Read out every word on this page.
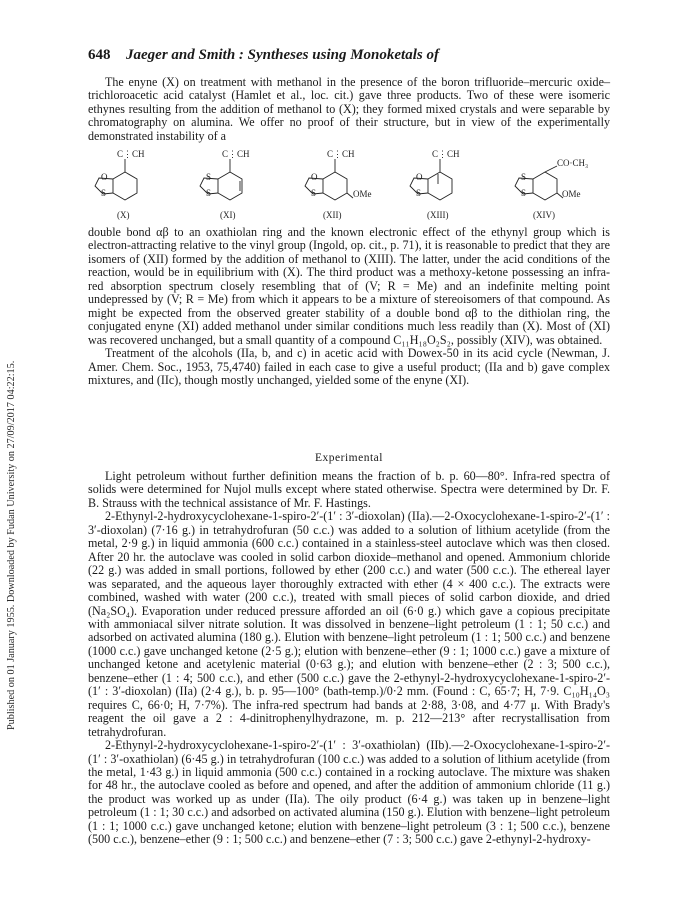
Published on 01 January 1955. Downloaded by Fudan University on 27/09/2017 04:22:15.
648 Jaeger and Smith : Syntheses using Monoketals of

The enyne (X) on treatment with methanol in the presence of the boron trifluoride–mercuric oxide–trichloroacetic acid catalyst (Hamlet et al., loc. cit.) gave three products. Two of these were isomeric ethynes resulting from the addition of methanol to (X); they formed mixed crystals and were separable by chromatography on alumina. We offer no proof of their structure, but in view of the experimentally demonstrated instability of a

C⋮CH	C⋮CH	C⋮CH	C⋮CH
CO·CH₃
O
S
S
S
O
S
O
S
S
S
OMe	OMe
(X)	(XI)	(XII)	(XIII)	(XIV)

double bond αβ to an oxathiolan ring and the known electronic effect of the ethynyl group which is electron-attracting relative to the vinyl group (Ingold, op. cit., p. 71), it is reasonable to predict that they are isomers of (XII) formed by the addition of methanol to (XIII). The latter, under the acid conditions of the reaction, would be in equilibrium with (X). The third product was a methoxy-ketone possessing an infra-red absorption spectrum closely resembling that of (V; R = Me) and an indefinite melting point undepressed by (V; R = Me) from which it appears to be a mixture of stereoisomers of that compound. As might be expected from the observed greater stability of a double bond αβ to the dithiolan ring, the conjugated enyne (XI) added methanol under similar conditions much less readily than (X). Most of (XI) was recovered unchanged, but a small quantity of a compound C₁₁H₁₈O₂S₂, possibly (XIV), was obtained.

Treatment of the alcohols (IIa, b, and c) in acetic acid with Dowex-50 in its acid cycle (Newman, J. Amer. Chem. Soc., 1953, 75,4740) failed in each case to give a useful product; (IIa and b) gave complex mixtures, and (IIc), though mostly unchanged, yielded some of the enyne (XI).

Experimental

Light petroleum without further definition means the fraction of b. p. 60—80°. Infra-red spectra of solids were determined for Nujol mulls except where stated otherwise. Spectra were determined by Dr. F. B. Strauss with the technical assistance of Mr. F. Hastings.

2-Ethynyl-2-hydroxycyclohexane-1-spiro-2′-(1′ : 3′-dioxolan) (IIa).—2-Oxocyclohexane-1-spiro-2′-(1′ : 3′-dioxolan) (7·16 g.) in tetrahydrofuran (50 c.c.) was added to a solution of lithium acetylide (from the metal, 2·9 g.) in liquid ammonia (600 c.c.) contained in a stainless-steel autoclave which was then closed. After 20 hr. the autoclave was cooled in solid carbon dioxide–methanol and opened. Ammonium chloride (22 g.) was added in small portions, followed by ether (200 c.c.) and water (500 c.c.). The ethereal layer was separated, and the aqueous layer thoroughly extracted with ether (4 × 400 c.c.). The extracts were combined, washed with water (200 c.c.), treated with small pieces of solid carbon dioxide, and dried (Na₂SO₄). Evaporation under reduced pressure afforded an oil (6·0 g.) which gave a copious precipitate with ammoniacal silver nitrate solution. It was dissolved in benzene–light petroleum (1 : 1; 50 c.c.) and adsorbed on activated alumina (180 g.). Elution with benzene–light petroleum (1 : 1; 500 c.c.) and benzene (1000 c.c.) gave unchanged ketone (2·5 g.); elution with benzene–ether (9 : 1; 1000 c.c.) gave a mixture of unchanged ketone and acetylenic material (0·63 g.); and elution with benzene–ether (2 : 3; 500 c.c.), benzene–ether (1 : 4; 500 c.c.), and ether (500 c.c.) gave the 2-ethynyl-2-hydroxycyclohexane-1-spiro-2′-(1′ : 3′-dioxolan) (IIa) (2·4 g.), b. p. 95—100° (bath-temp.)/0·2 mm. (Found : C, 65·7; H, 7·9. C₁₀H₁₄O₃ requires C, 66·0; H, 7·7%). The infra-red spectrum had bands at 2·88, 3·08, and 4·77 μ. With Brady's reagent the oil gave a 2 : 4-dinitrophenylhydrazone, m. p. 212—213° after recrystallisation from tetrahydrofuran.

2-Ethynyl-2-hydroxycyclohexane-1-spiro-2′-(1′ : 3′-oxathiolan) (IIb).—2-Oxocyclohexane-1-spiro-2′-(1′ : 3′-oxathiolan) (6·45 g.) in tetrahydrofuran (100 c.c.) was added to a solution of lithium acetylide (from the metal, 1·43 g.) in liquid ammonia (500 c.c.) contained in a rocking autoclave. The mixture was shaken for 48 hr., the autoclave cooled as before and opened, and after the addition of ammonium chloride (11 g.) the product was worked up as under (IIa). The oily product (6·4 g.) was taken up in benzene–light petroleum (1 : 1; 30 c.c.) and adsorbed on activated alumina (150 g.). Elution with benzene–light petroleum (1 : 1; 1000 c.c.) gave unchanged ketone; elution with benzene–light petroleum (3 : 1; 500 c.c.), benzene (500 c.c.), benzene–ether (9 : 1; 500 c.c.) and benzene–ether (7 : 3; 500 c.c.) gave 2-ethynyl-2-hydroxy-
